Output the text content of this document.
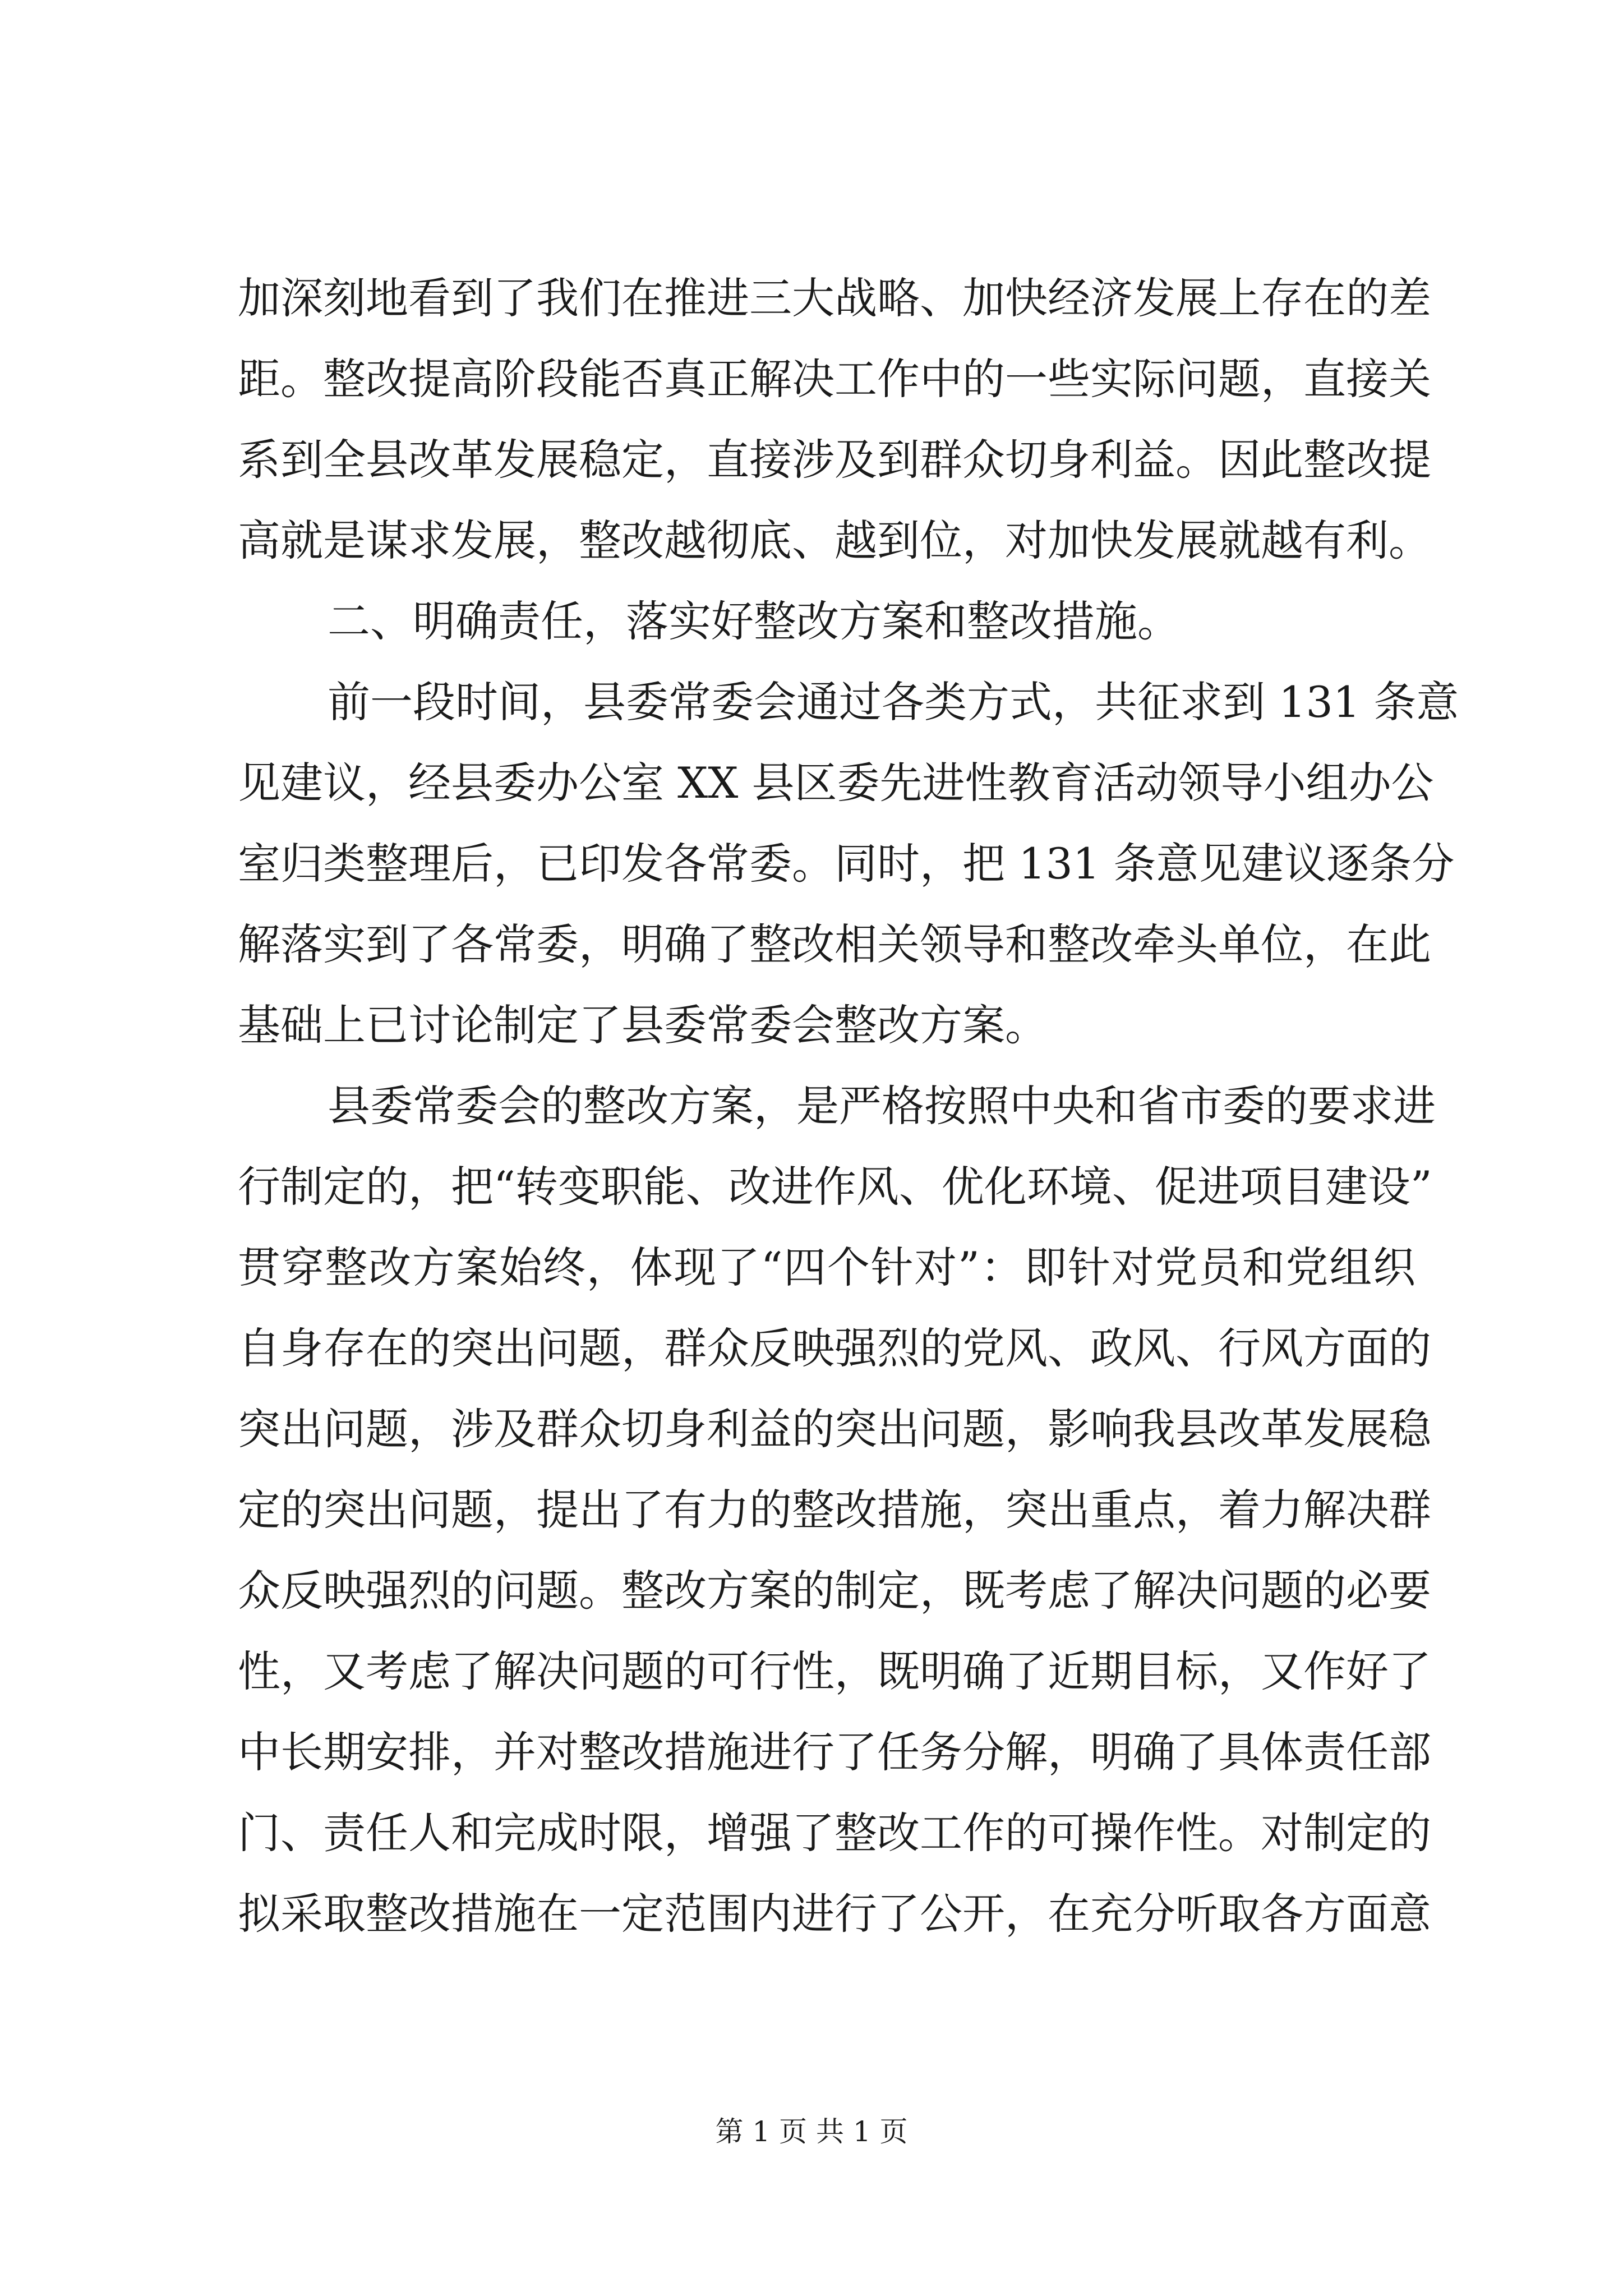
加深刻地看到了我们在推进三大战略、加快经济发展上存在的差
距。整改提高阶段能否真正解决工作中的一些实际问题，直接关
系到全县改革发展稳定，直接涉及到群众切身利益。因此整改提
高就是谋求发展，整改越彻底、越到位，对加快发展就越有利。
二、明确责任，落实好整改方案和整改措施。
前一段时间，县委常委会通过各类方式，共征求到 131 条意
见建议，经县委办公室 XX 县区委先进性教育活动领导小组办公
室归类整理后，已印发各常委。同时，把 131 条意见建议逐条分
解落实到了各常委，明确了整改相关领导和整改牵头单位，在此
基础上已讨论制定了县委常委会整改方案。
县委常委会的整改方案，是严格按照中央和省市委的要求进
行制定的，把“转变职能、改进作风、优化环境、促进项目建设”
贯穿整改方案始终，体现了“四个针对”：即针对党员和党组织
自身存在的突出问题，群众反映强烈的党风、政风、行风方面的
突出问题，涉及群众切身利益的突出问题，影响我县改革发展稳
定的突出问题，提出了有力的整改措施，突出重点，着力解决群
众反映强烈的问题。整改方案的制定，既考虑了解决问题的必要
性，又考虑了解决问题的可行性，既明确了近期目标，又作好了
中长期安排，并对整改措施进行了任务分解，明确了具体责任部
门、责任人和完成时限，增强了整改工作的可操作性。对制定的
拟采取整改措施在一定范围内进行了公开，在充分听取各方面意
第 1 页 共 1 页
